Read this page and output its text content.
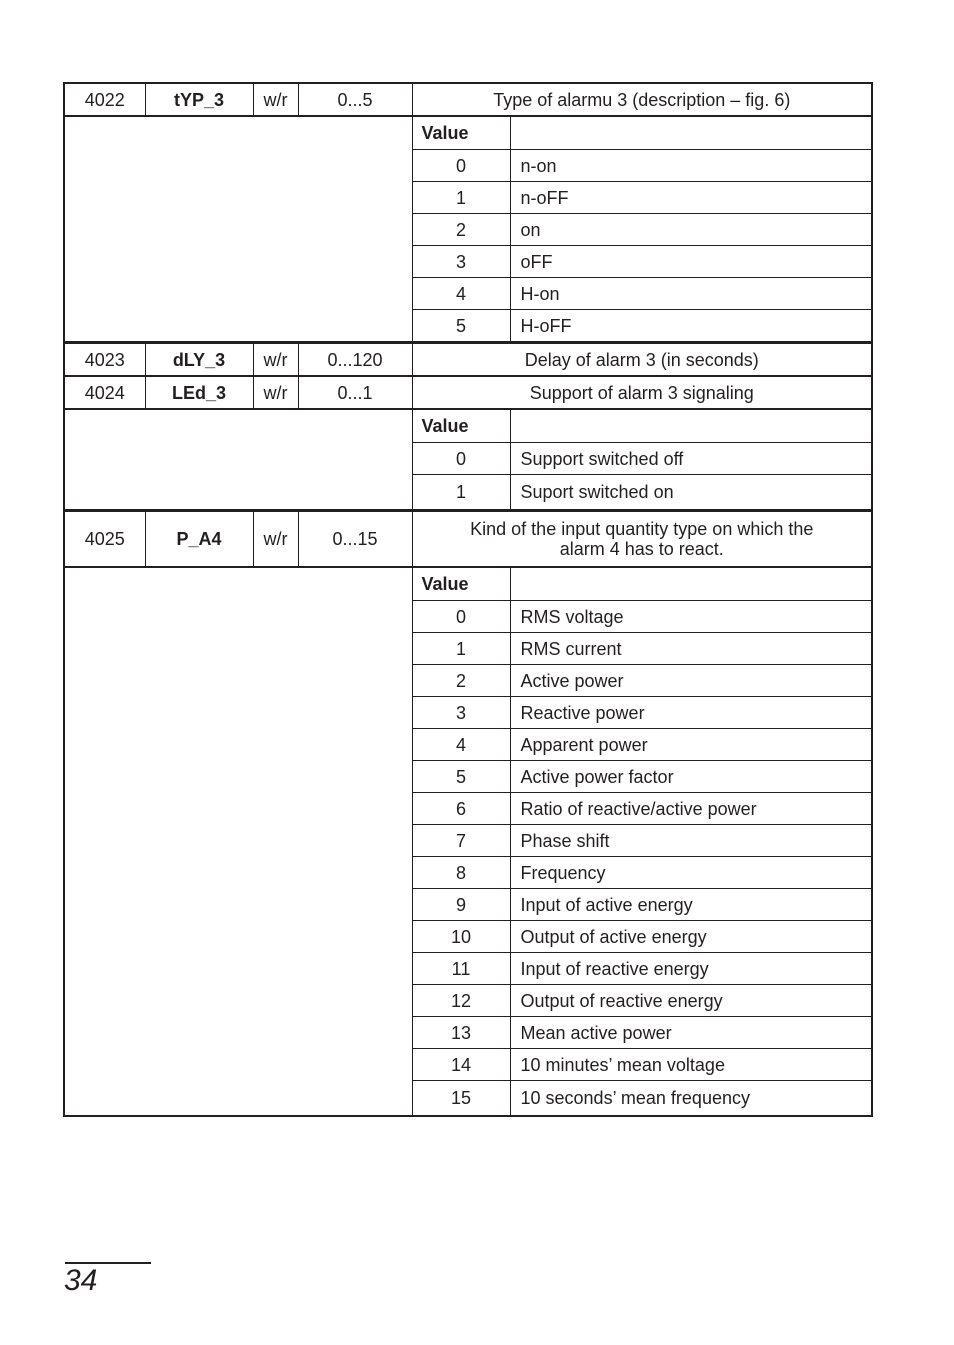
4022	tYP_3	w/r	0...5	Type of alarmu 3 (description – fig. 6)	
				Value	
				0	n-on
				1	n-oFF
				2	on
				3	oFF
				4	H-on
				5	H-oFF
4023	dLY_3	w/r	0...120	Delay of alarm 3 (in seconds)	
4024	LEd_3	w/r	0...1	Support of alarm 3 signaling	
				Value	
				0	Support switched off
				1	Suport switched on
4025	P_A4	w/r	0...15	Kind of the input quantity type on which the
alarm 4 has to react.	

				Value	
				0	RMS voltage
				1	RMS current
				2	Active power
				3	Reactive power
				4	Apparent power
				5	Active power factor
				6	Ratio of reactive/active power
				7	Phase shift
				8	Frequency
				9	Input of active energy
				10	Output of active energy
				11	Input of reactive energy
				12	Output of reactive energy
				13	Mean active power
				14	10 minutes’ mean voltage
				15	10 seconds’ mean frequency
34
